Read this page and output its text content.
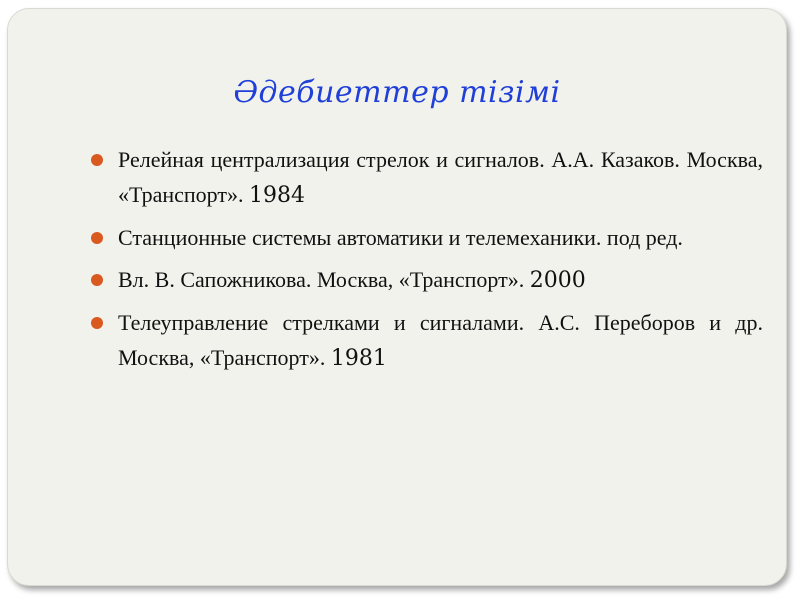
Әдебиеттер тізімі
Релейная централизация стрелок и сигналов. А.А. Казаков. Москва, «Транспорт». 1984
Станционные системы автоматики и телемеханики. под ред.
Вл. В. Сапожникова. Москва, «Транспорт». 2000
Телеуправление стрелками и сигналами. А.С. Переборов и др. Москва, «Транспорт». 1981
